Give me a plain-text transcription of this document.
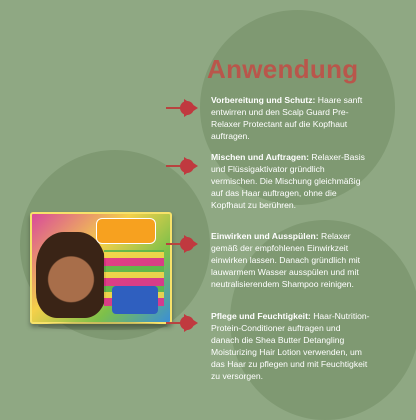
Anwendung

Vorbereitung und Schutz: Haare sanft entwirren und den Scalp Guard Pre-Relaxer Protectant auf die Kopfhaut auftragen.

Mischen und Auftragen: Relaxer-Basis und Flüssigaktivator gründlich vermischen. Die Mischung gleichmäßig auf das Haar auftragen, ohne die Kopfhaut zu berühren.

Einwirken und Ausspülen: Relaxer gemäß der empfohlenen Einwirkzeit einwirken lassen. Danach gründlich mit lauwarmem Wasser ausspülen und mit neutralisierendem Shampoo reinigen.

Pflege und Feuchtigkeit: Haar-Nutrition-Protein-Conditioner auftragen und danach die Shea Butter Detangling Moisturizing Hair Lotion verwenden, um das Haar zu pflegen und mit Feuchtigkeit zu versorgen.
